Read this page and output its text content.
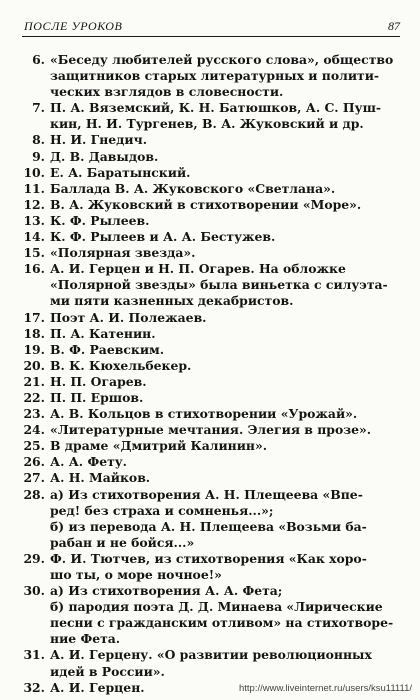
ПОСЛЕ УРОКОВ	87
6. «Беседу любителей русского слова», общество
защитников старых литературных и полити-
ческих взглядов в словесности.
7. П. А. Вяземский, К. Н. Батюшков, А. С. Пуш-
кин, Н. И. Тургенев, В. А. Жуковский и др.
8. Н. И. Гнедич.
9. Д. В. Давыдов.
10. Е. А. Баратынский.
11. Баллада В. А. Жуковского «Светлана».
12. В. А. Жуковский в стихотворении «Море».
13. К. Ф. Рылеев.
14. К. Ф. Рылеев и А. А. Бестужев.
15. «Полярная звезда».
16. А. И. Герцен и Н. П. Огарев. На обложке
«Полярной звезды» была виньетка с силуэта-
ми пяти казненных декабристов.
17. Поэт А. И. Полежаев.
18. П. А. Катенин.
19. В. Ф. Раевским.
20. В. К. Кюхельбекер.
21. Н. П. Огарев.
22. П. П. Ершов.
23. А. В. Кольцов в стихотворении «Урожай».
24. «Литературные мечтания. Элегия в прозе».
25. В драме «Дмитрий Калинин».
26. А. А. Фету.
27. А. Н. Майков.
28. а) Из стихотворения А. Н. Плещеева «Впе-
ред! без страха и сомненья...»;
б) из перевода А. Н. Плещеева «Возьми ба-
рабан и не бойся...»
29. Ф. И. Тютчев, из стихотворения «Как хоро-
шо ты, о море ночное!»
30. а) Из стихотворения А. А. Фета;
б) пародия поэта Д. Д. Минаева «Лирические
песни с гражданским отливом» на стихотворе-
ние Фета.
31. А. И. Герцену. «О развитии революционных
идей в России».
32. А. И. Герцен.	http://www.liveinternet.ru/users/ksu11111/
